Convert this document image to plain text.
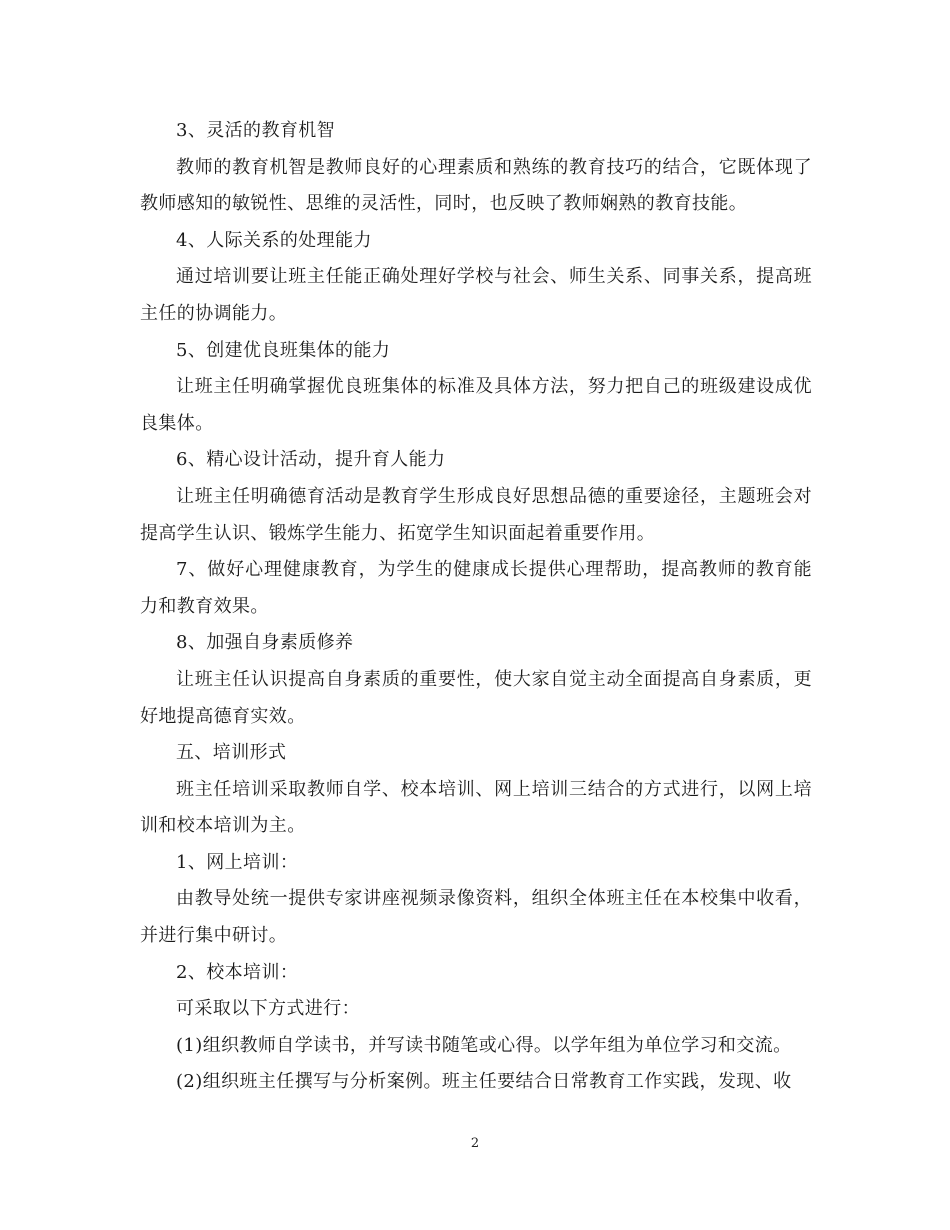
3、灵活的教育机智

教师的教育机智是教师良好的心理素质和熟练的教育技巧的结合，它既体现了教师感知的敏锐性、思维的灵活性，同时，也反映了教师娴熟的教育技能。

4、人际关系的处理能力

通过培训要让班主任能正确处理好学校与社会、师生关系、同事关系，提高班主任的协调能力。

5、创建优良班集体的能力

让班主任明确掌握优良班集体的标准及具体方法，努力把自己的班级建设成优良集体。

6、精心设计活动，提升育人能力

让班主任明确德育活动是教育学生形成良好思想品德的重要途径，主题班会对提高学生认识、锻炼学生能力、拓宽学生知识面起着重要作用。

7、做好心理健康教育，为学生的健康成长提供心理帮助，提高教师的教育能力和教育效果。

8、加强自身素质修养

让班主任认识提高自身素质的重要性，使大家自觉主动全面提高自身素质，更好地提高德育实效。

五、培训形式

班主任培训采取教师自学、校本培训、网上培训三结合的方式进行，以网上培训和校本培训为主。

1、网上培训：

由教导处统一提供专家讲座视频录像资料，组织全体班主任在本校集中收看，并进行集中研讨。

2、校本培训：

可采取以下方式进行：

(1)组织教师自学读书，并写读书随笔或心得。以学年组为单位学习和交流。

(2)组织班主任撰写与分析案例。班主任要结合日常教育工作实践，发现、收

2
